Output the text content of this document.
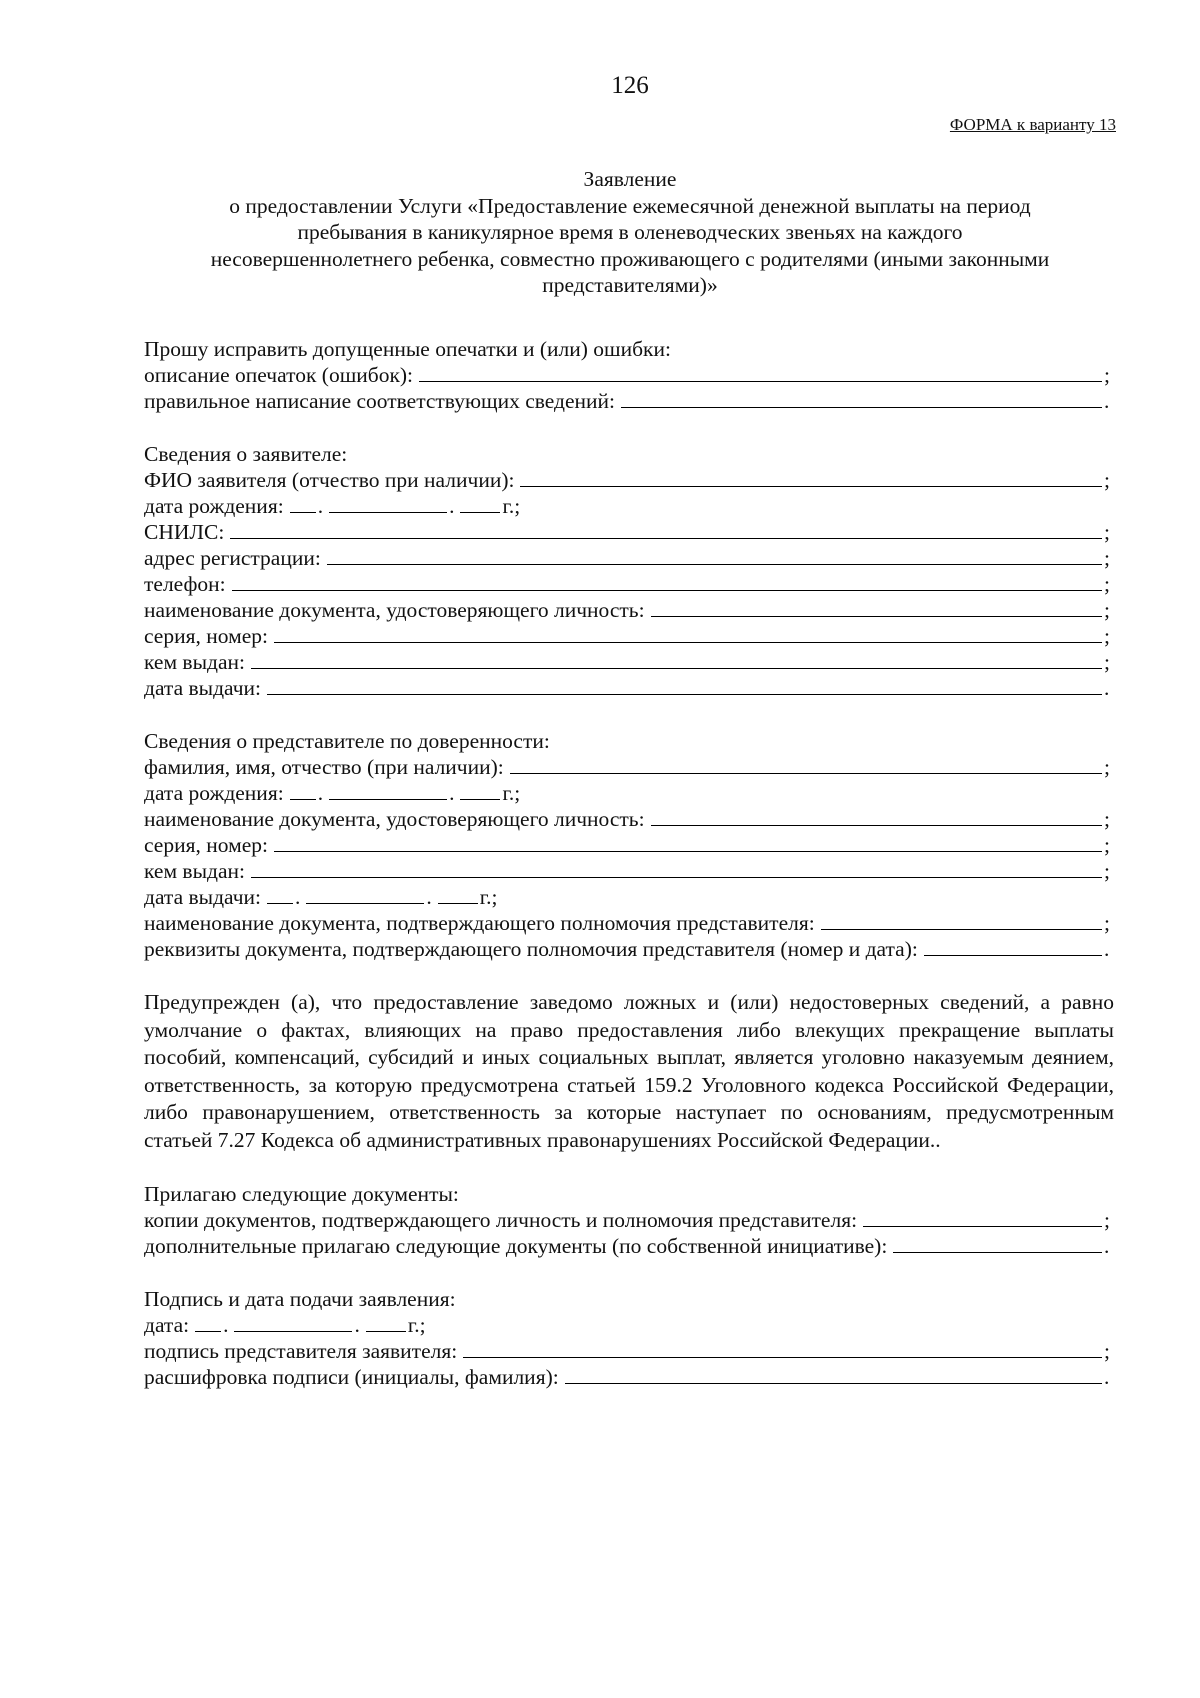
126
ФОРМА к варианту 13
Заявление
о предоставлении Услуги «Предоставление ежемесячной денежной выплаты на период
пребывания в каникулярное время в оленеводческих звеньях на каждого
несовершеннолетнего ребенка, совместно проживающего с родителями (иными законными
представителями)»
Прошу исправить допущенные опечатки и (или) ошибки:
описание опечаток (ошибок):	;
правильное написание соответствующих сведений:	.
Сведения о заявителе:
ФИО заявителя (отчество при наличии):	;
дата рождения: .	. г.;
СНИЛС:	;
адрес регистрации:	;
телефон:	;
наименование документа, удостоверяющего личность:	;
серия, номер:	;
кем выдан:	;
дата выдачи:	.
Сведения о представителе по доверенности:
фамилия, имя, отчество (при наличии):	;
дата рождения: .	. г.;
наименование документа, удостоверяющего личность:	;
серия, номер:	;
кем выдан:	;
дата выдачи: .	. г.;
наименование документа, подтверждающего полномочия представителя:	;
реквизиты документа, подтверждающего полномочия представителя (номер и дата):	.
Предупрежден (а), что предоставление заведомо ложных и (или) недостоверных сведений, а равно умолчание о фактах, влияющих на право предоставления либо влекущих прекращение выплаты пособий, компенсаций, субсидий и иных социальных выплат, является уголовно наказуемым деянием, ответственность, за которую предусмотрена статьей 159.2 Уголовного кодекса Российской Федерации, либо правонарушением, ответственность за которые наступает по основаниям, предусмотренным статьей 7.27 Кодекса об административных правонарушениях Российской Федерации..
Прилагаю следующие документы:
копии документов, подтверждающего личность и полномочия представителя:	;
дополнительные прилагаю следующие документы (по собственной инициативе):	.
Подпись и дата подачи заявления:
дата: .	. г.;
подпись представителя заявителя:	;
расшифровка подписи (инициалы, фамилия):	.
